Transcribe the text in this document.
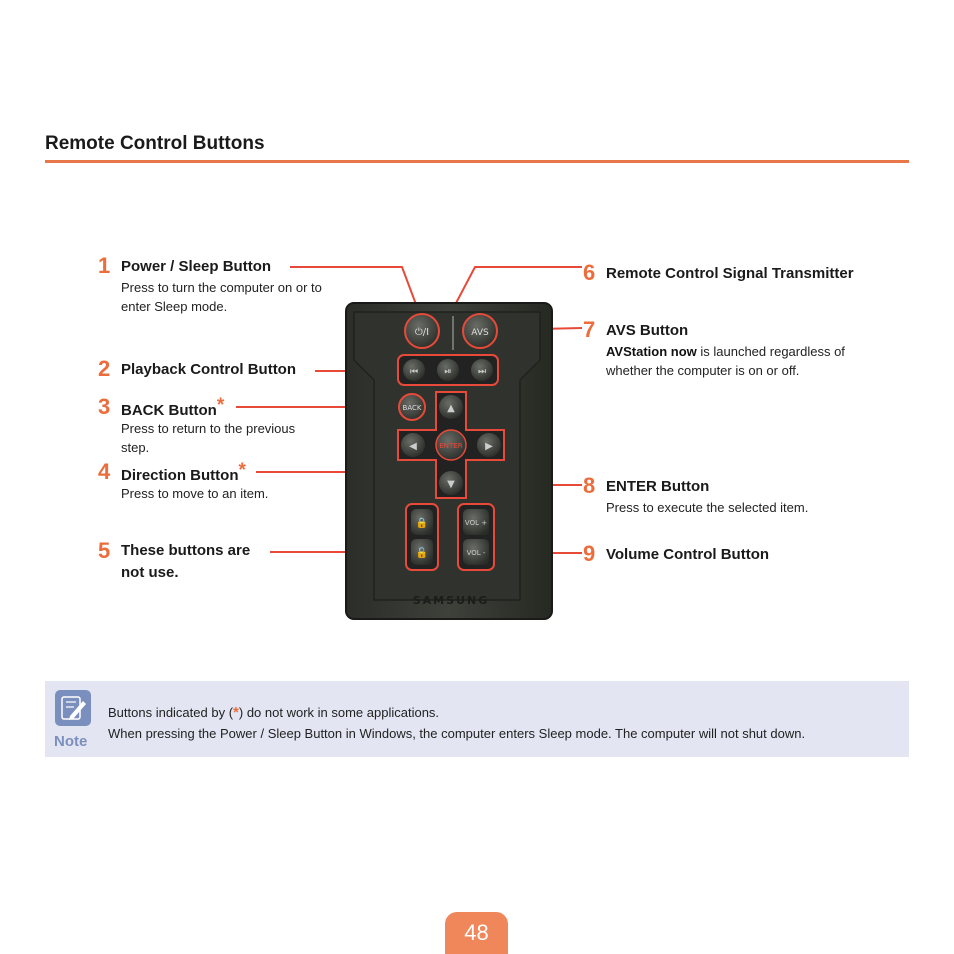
Remote Control Buttons
1 Power / Sleep Button
Press to turn the computer on or to enter Sleep mode.
2 Playback Control Button
3 BACK Button*
Press to return to the previous step.
4 Direction Button*
Press to move to an item.
5 These buttons are not use.
6 Remote Control Signal Transmitter
7 AVS Button
AVStation now is launched regardless of whether the computer is on or off.
8 ENTER Button
Press to execute the selected item.
9 Volume Control Button
⏻/I	AVS
⏮	⏯	⏭
BACK	▲
◀	ENTER ▶
▼
🔒
🔓
VOL +
VOL -
SAMSUNG
Note
Buttons indicated by (*) do not work in some applications.
When pressing the Power / Sleep Button in Windows, the computer enters Sleep mode. The computer will not shut down.
48
